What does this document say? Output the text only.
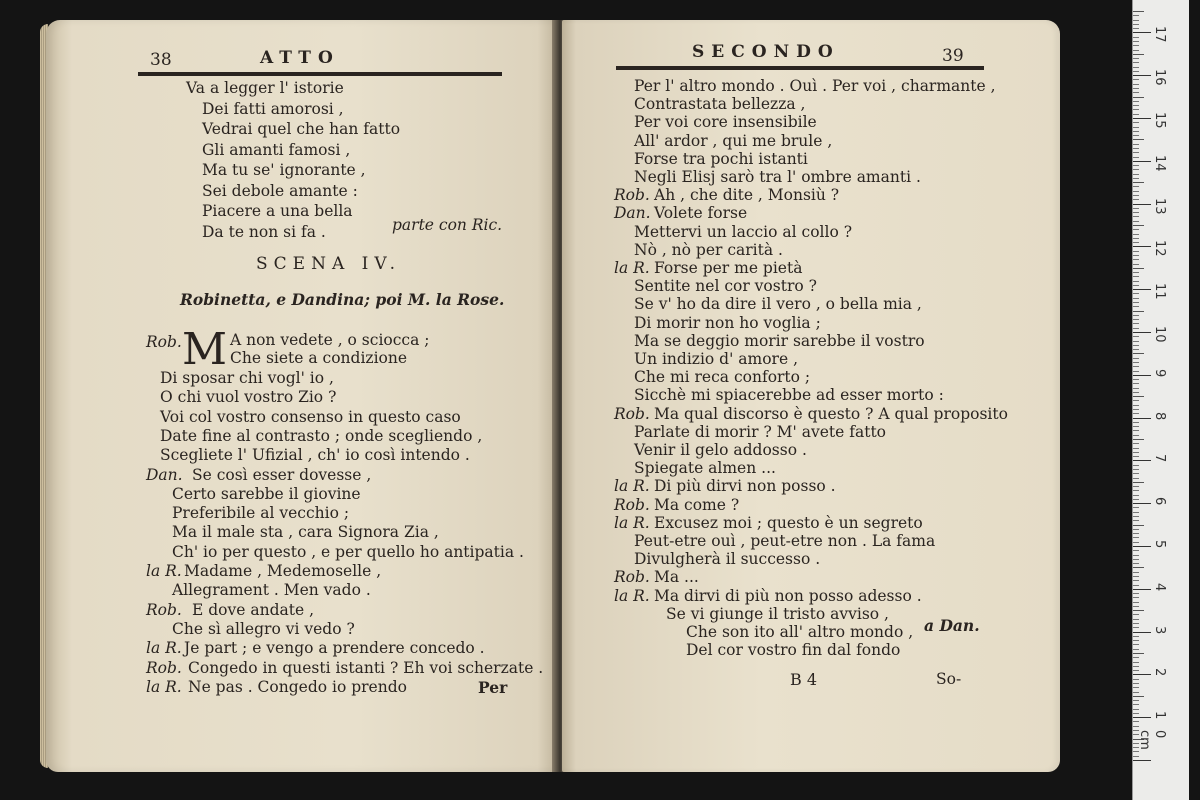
38	ATTO
Va a legger l' istorie
Dei fatti amorosi ,
Vedrai quel che han fatto
Gli amanti famosi ,
Ma tu se' ignorante ,
Sei debole amante :
Piacere a una bella
Da te non si fa .	parte con Ric.
SCENA IV.
Robinetta, e Dandina; poi M. la Rose.
Rob. M A non vedete , o sciocca ;
Che siete a condizione
Di sposar chi vogl' io ,
O chi vuol vostro Zio ?
Voi col vostro consenso in questo caso
Date fine al contrasto ; onde scegliendo ,
Scegliete l' Ufizial , ch' io così intendo .
Dan. Se così esser dovesse ,
Certo sarebbe il giovine
Preferibile al vecchio ;
Ma il male sta , cara Signora Zia ,
Ch' io per questo , e per quello ho antipatia .
la R. Madame , Medemoselle ,
Allegrament . Men vado .
Rob. E dove andate ,
Che sì allegro vi vedo ?
la R. Je part ; e vengo a prendere concedo .
Rob. Congedo in questi istanti ? Eh voi scherzate .
la R. Ne pas . Congedo io prendo	Per
SECONDO	39
Per l' altro mondo . Ouì . Per voi , charmante ,
Contrastata bellezza ,
Per voi core insensibile
All' ardor , qui me brule ,
Forse tra pochi istanti
Negli Elisj sarò tra l' ombre amanti .
Rob. Ah , che dite , Monsiù ?
Dan. Volete forse
Mettervi un laccio al collo ?
Nò , nò per carità .
la R. Forse per me pietà
Sentite nel cor vostro ?
Se v' ho da dire il vero , o bella mia ,
Di morir non ho voglia ;
Ma se deggio morir sarebbe il vostro
Un indizio d' amore ,
Che mi reca conforto ;
Sicchè mi spiacerebbe ad esser morto :
Rob. Ma qual discorso è questo ? A qual proposito
Parlate di morir ? M' avete fatto
Venir il gelo addosso .
Spiegate almen ...
la R. Di più dirvi non posso .
Rob. Ma come ?
la R. Excusez moi ; questo è un segreto
Peut-etre ouì , peut-etre non . La fama
Divulgherà il successo .
Rob. Ma ...
la R. Ma dirvi di più non posso adesso .
Se vi giunge il tristo avviso ,
Che son ito all' altro mondo ,
Del cor vostro fin dal fondo
a Dan.
B 4	So-
0 cm
1
2
3
4
5
6
7
8
9
10
11
12
13
14
15
16
17
